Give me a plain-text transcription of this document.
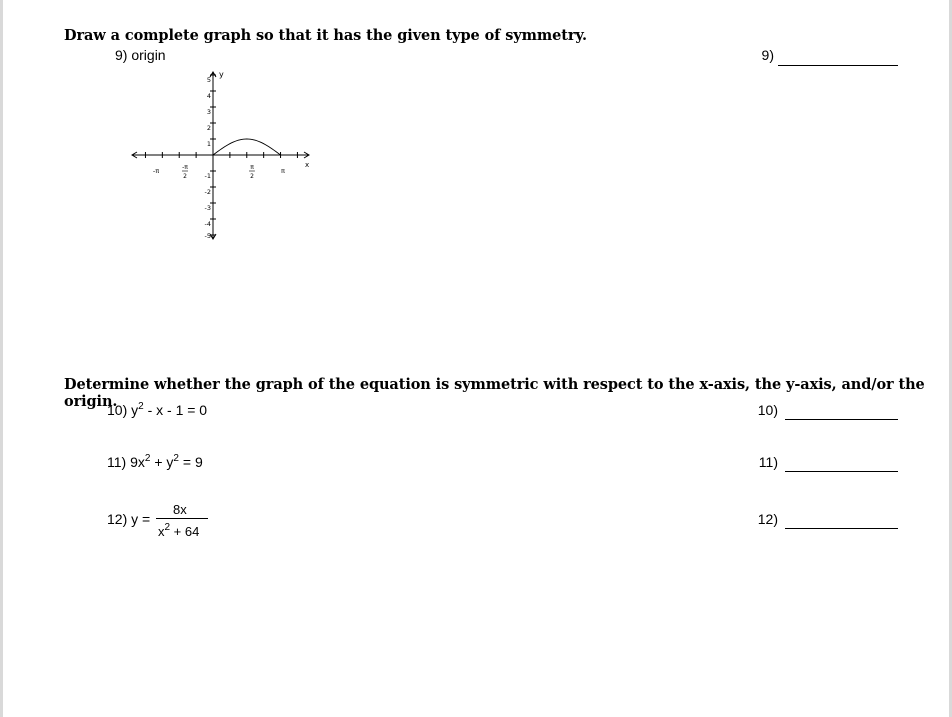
Draw a complete graph so that it has the given type of symmetry.
9) origin	9)
y
x
5
4
3
2
1
-1
-2
-3
-4
-5
-π	-π
2
π
2
π
Determine whether the graph of the equation is symmetric with respect to the x-axis, the y-axis, and/or the origin.
10) $y^2 - x - 1 = 0$	10)
11) $9x^2 + y^2 = 9$	11)
12) y =
8x
$x^2 + 64$
12)
